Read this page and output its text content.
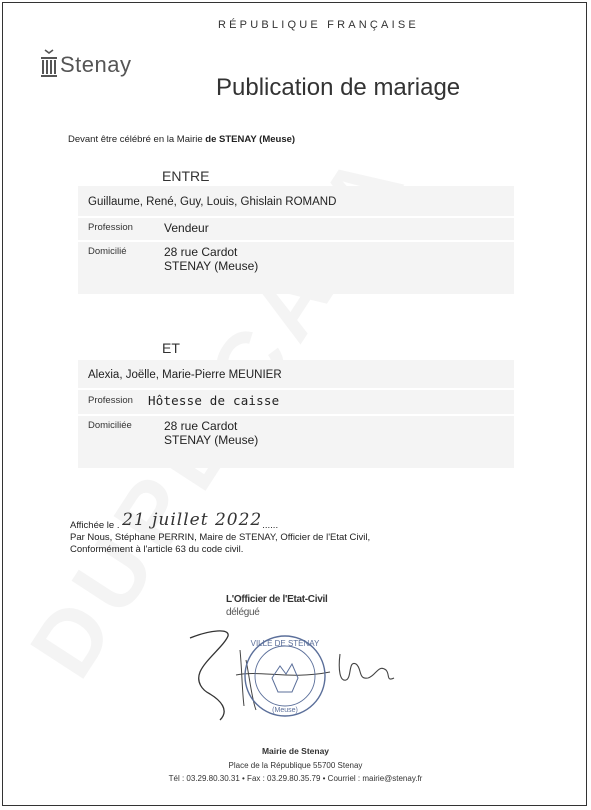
RÉPUBLIQUE FRANÇAISE
Stenay
Publication de mariage
Devant être célébré en la Mairie de STENAY (Meuse)
ENTRE
Guillaume, René, Guy, Louis, Ghislain ROMAND
Profession	Vendeur
Domicilié	28 rue Cardot
STENAY (Meuse)
ET
Alexia, Joëlle, Marie-Pierre MEUNIER
Profession Hôtesse de caisse
Domiciliée	28 rue Cardot
STENAY (Meuse)
Affichée le . 21 juillet 2022......
Par Nous, Stéphane PERRIN, Maire de STENAY, Officier de l'Etat Civil,
Conformément à l'article 63 du code civil.
L'Officier de l'Etat-Civil
délégué
VILLE DE STENAY
(Meuse)
Mairie de Stenay
Place de la République 55700 Stenay
Tél : 03.29.80.30.31 • Fax : 03.29.80.35.79 • Courriel : mairie@stenay.fr
